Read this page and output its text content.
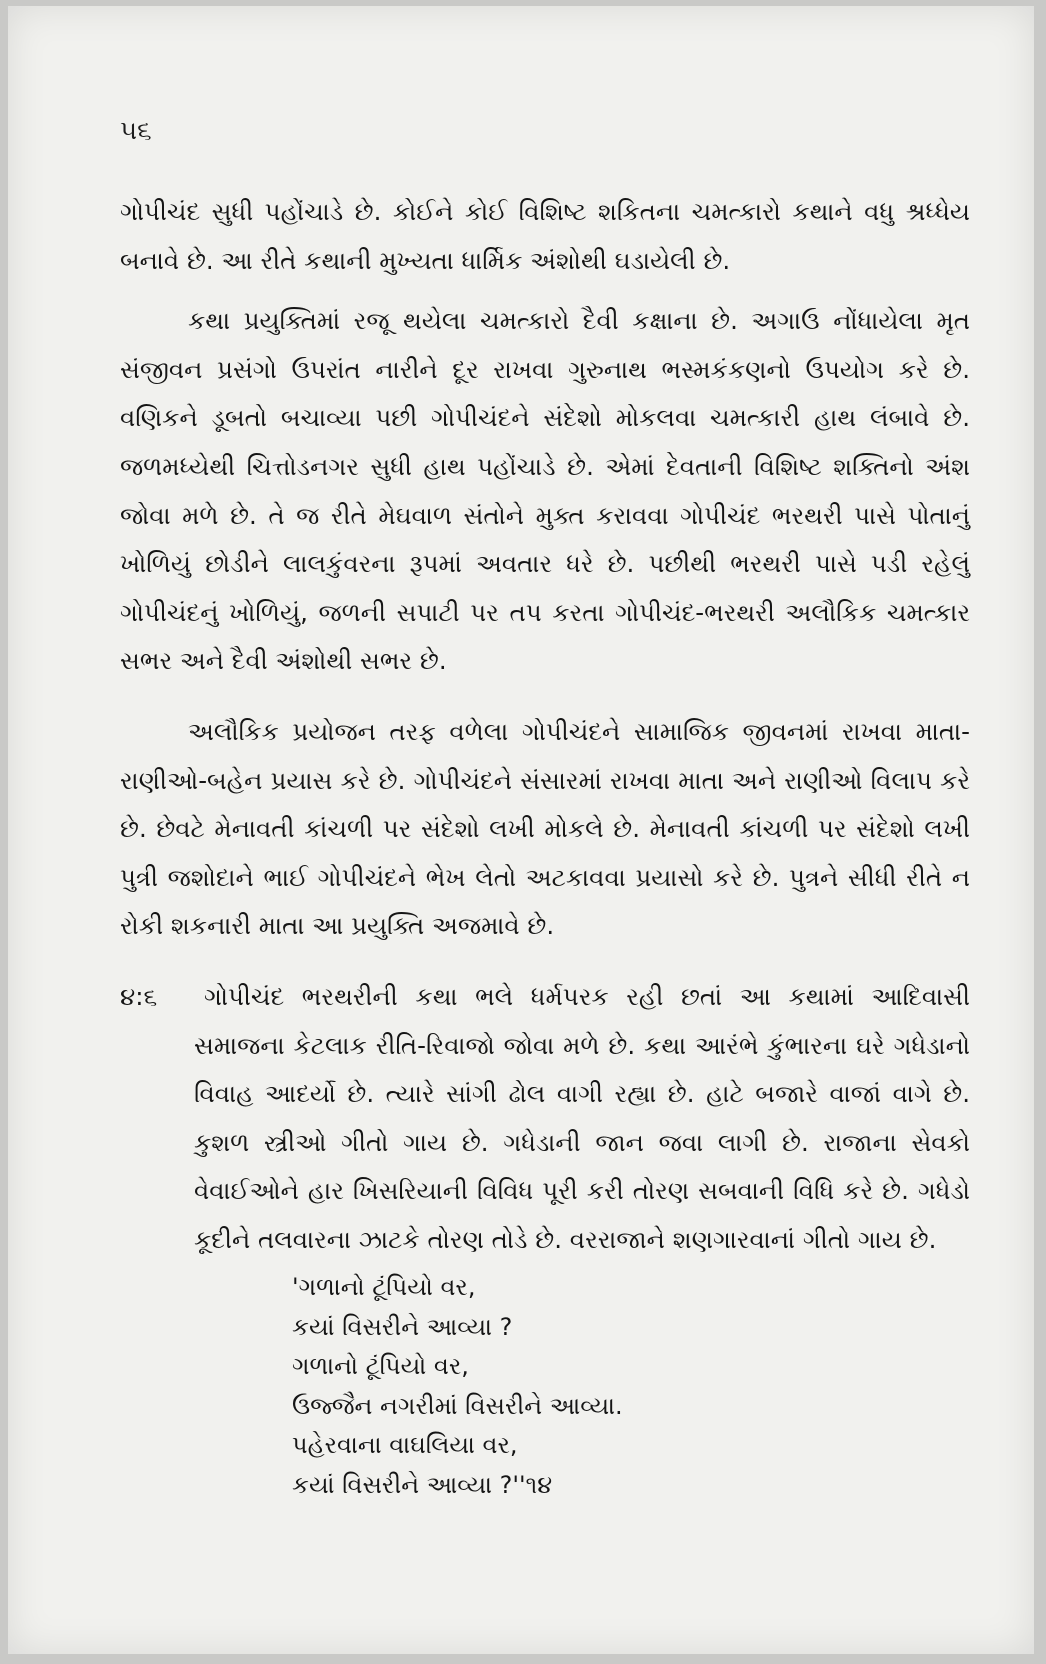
૫૬

ગોપીચંદ સુધી પહોંચાડે છે. કોઈને કોઈ વિશિષ્ટ શકિતના ચમત્કારો કથાને વધુ શ્રધ્ધેય બનાવે છે. આ રીતે કથાની મુખ્યતા ધાર્મિક અંશોથી ઘડાયેલી છે.

કથા પ્રયુક્તિમાં રજૂ થયેલા ચમત્કારો દૈવી કક્ષાના છે. અગાઉ નોંધાયેલા મૃત સંજીવન પ્રસંગો ઉપરાંત નારીને દૂર રાખવા ગુરુનાથ ભસ્મકંકણનો ઉપયોગ કરે છે. વણિકને ડૂબતો બચાવ્યા પછી ગોપીચંદને સંદેશો મોકલવા ચમત્કારી હાથ લંબાવે છે. જળમધ્યેથી ચિત્તોડનગર સુધી હાથ પહોંચાડે છે. એમાં દેવતાની વિશિષ્ટ શક્તિનો અંશ જોવા મળે છે. તે જ રીતે મેઘવાળ સંતોને મુક્ત કરાવવા ગોપીચંદ ભરથરી પાસે પોતાનું ખોળિયું છોડીને લાલકુંવરના રૂપમાં અવતાર ધરે છે. પછીથી ભરથરી પાસે પડી રહેલું ગોપીચંદનું ખોળિયું, જળની સપાટી પર તપ કરતા ગોપીચંદ-ભરથરી અલૌકિક ચમત્કાર સભર અને દૈવી અંશોથી સભર છે.

અલૌકિક પ્રયોજન તરફ વળેલા ગોપીચંદને સામાજિક જીવનમાં રાખવા માતા-રાણીઓ-બહેન પ્રયાસ કરે છે. ગોપીચંદને સંસારમાં રાખવા માતા અને રાણીઓ વિલાપ કરે છે. છેવટે મેનાવતી કાંચળી પર સંદેશો લખી મોકલે છે. મેનાવતી કાંચળી પર સંદેશો લખી પુત્રી જશોદાને ભાઈ ગોપીચંદને ભેખ લેતો અટકાવવા પ્રયાસો કરે છે. પુત્રને સીધી રીતે ન રોકી શકનારી માતા આ પ્રયુક્તિ અજમાવે છે.

૪:૬	ગોપીચંદ ભરથરીની કથા ભલે ધર્મપરક રહી છતાં આ કથામાં આદિવાસી સમાજના કેટલાક રીતિ-રિવાજો જોવા મળે છે. કથા આરંભે કુંભારના ઘરે ગધેડાનો વિવાહ આદર્યો છે. ત્યારે સાંગી ઢોલ વાગી રહ્યા છે. હાટે બજારે વાજાં વાગે છે. કુશળ સ્ત્રીઓ ગીતો ગાય છે. ગધેડાની જાન જવા લાગી છે. રાજાના સેવકો વેવાઈઓને હાર ખિસરિયાની વિવિધ પૂરી કરી તોરણ સબવાની વિધિ કરે છે. ગધેડો કૂદીને તલવારના ઝાટકે તોરણ તોડે છે. વરરાજાને શણગારવાનાં ગીતો ગાય છે.

'ગળાનો ટૂંપિયો વર,
કયાં વિસરીને આવ્યા ?
ગળાનો ટૂંપિયો વર,
ઉજ્જૈન નગરીમાં વિસરીને આવ્યા.
પહેરવાના વાઘલિયા વર,
કયાં વિસરીને આવ્યા ?''૧૪
